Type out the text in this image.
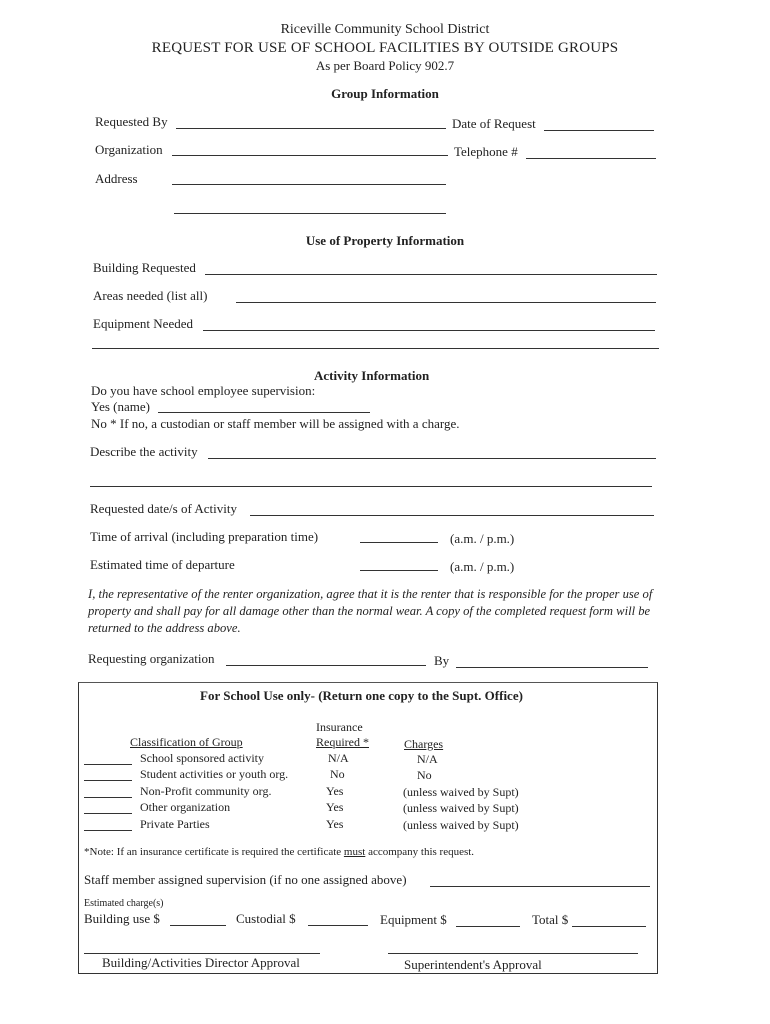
Riceville Community School District
REQUEST FOR USE OF SCHOOL FACILITIES BY OUTSIDE GROUPS
As per Board Policy 902.7
Group Information
Requested By	Date of Request
Organization	Telephone #
Address
Use of Property Information
Building Requested
Areas needed (list all)
Equipment Needed
Activity Information
Do you have school employee supervision:
Yes (name)
No * If no, a custodian or staff member will be assigned with a charge.
Describe the activity
Requested date/s of Activity
Time of arrival (including preparation time)	(a.m. / p.m.)
Estimated time of departure	(a.m. / p.m.)
I, the representative of the renter organization, agree that it is the renter that is responsible for the proper use of property and shall pay for all damage other than the normal wear. A copy of the completed request form will be returned to the address above.
Requesting organization	By
For School Use only- (Return one copy to the Supt. Office)
Insurance
Classification of Group	Required *	Charges
School sponsored activity	N/A	N/A
Student activities or youth org.	No	No
Non-Profit community org.	Yes	(unless waived by Supt)
Other organization	Yes	(unless waived by Supt)
Private Parties	Yes	(unless waived by Supt)
*Note: If an insurance certificate is required the certificate must accompany this request.
Staff member assigned supervision (if no one assigned above)
Estimated charge(s)
Building use $	Custodial $	Equipment $	Total $
Building/Activities Director Approval	Superintendent's Approval
